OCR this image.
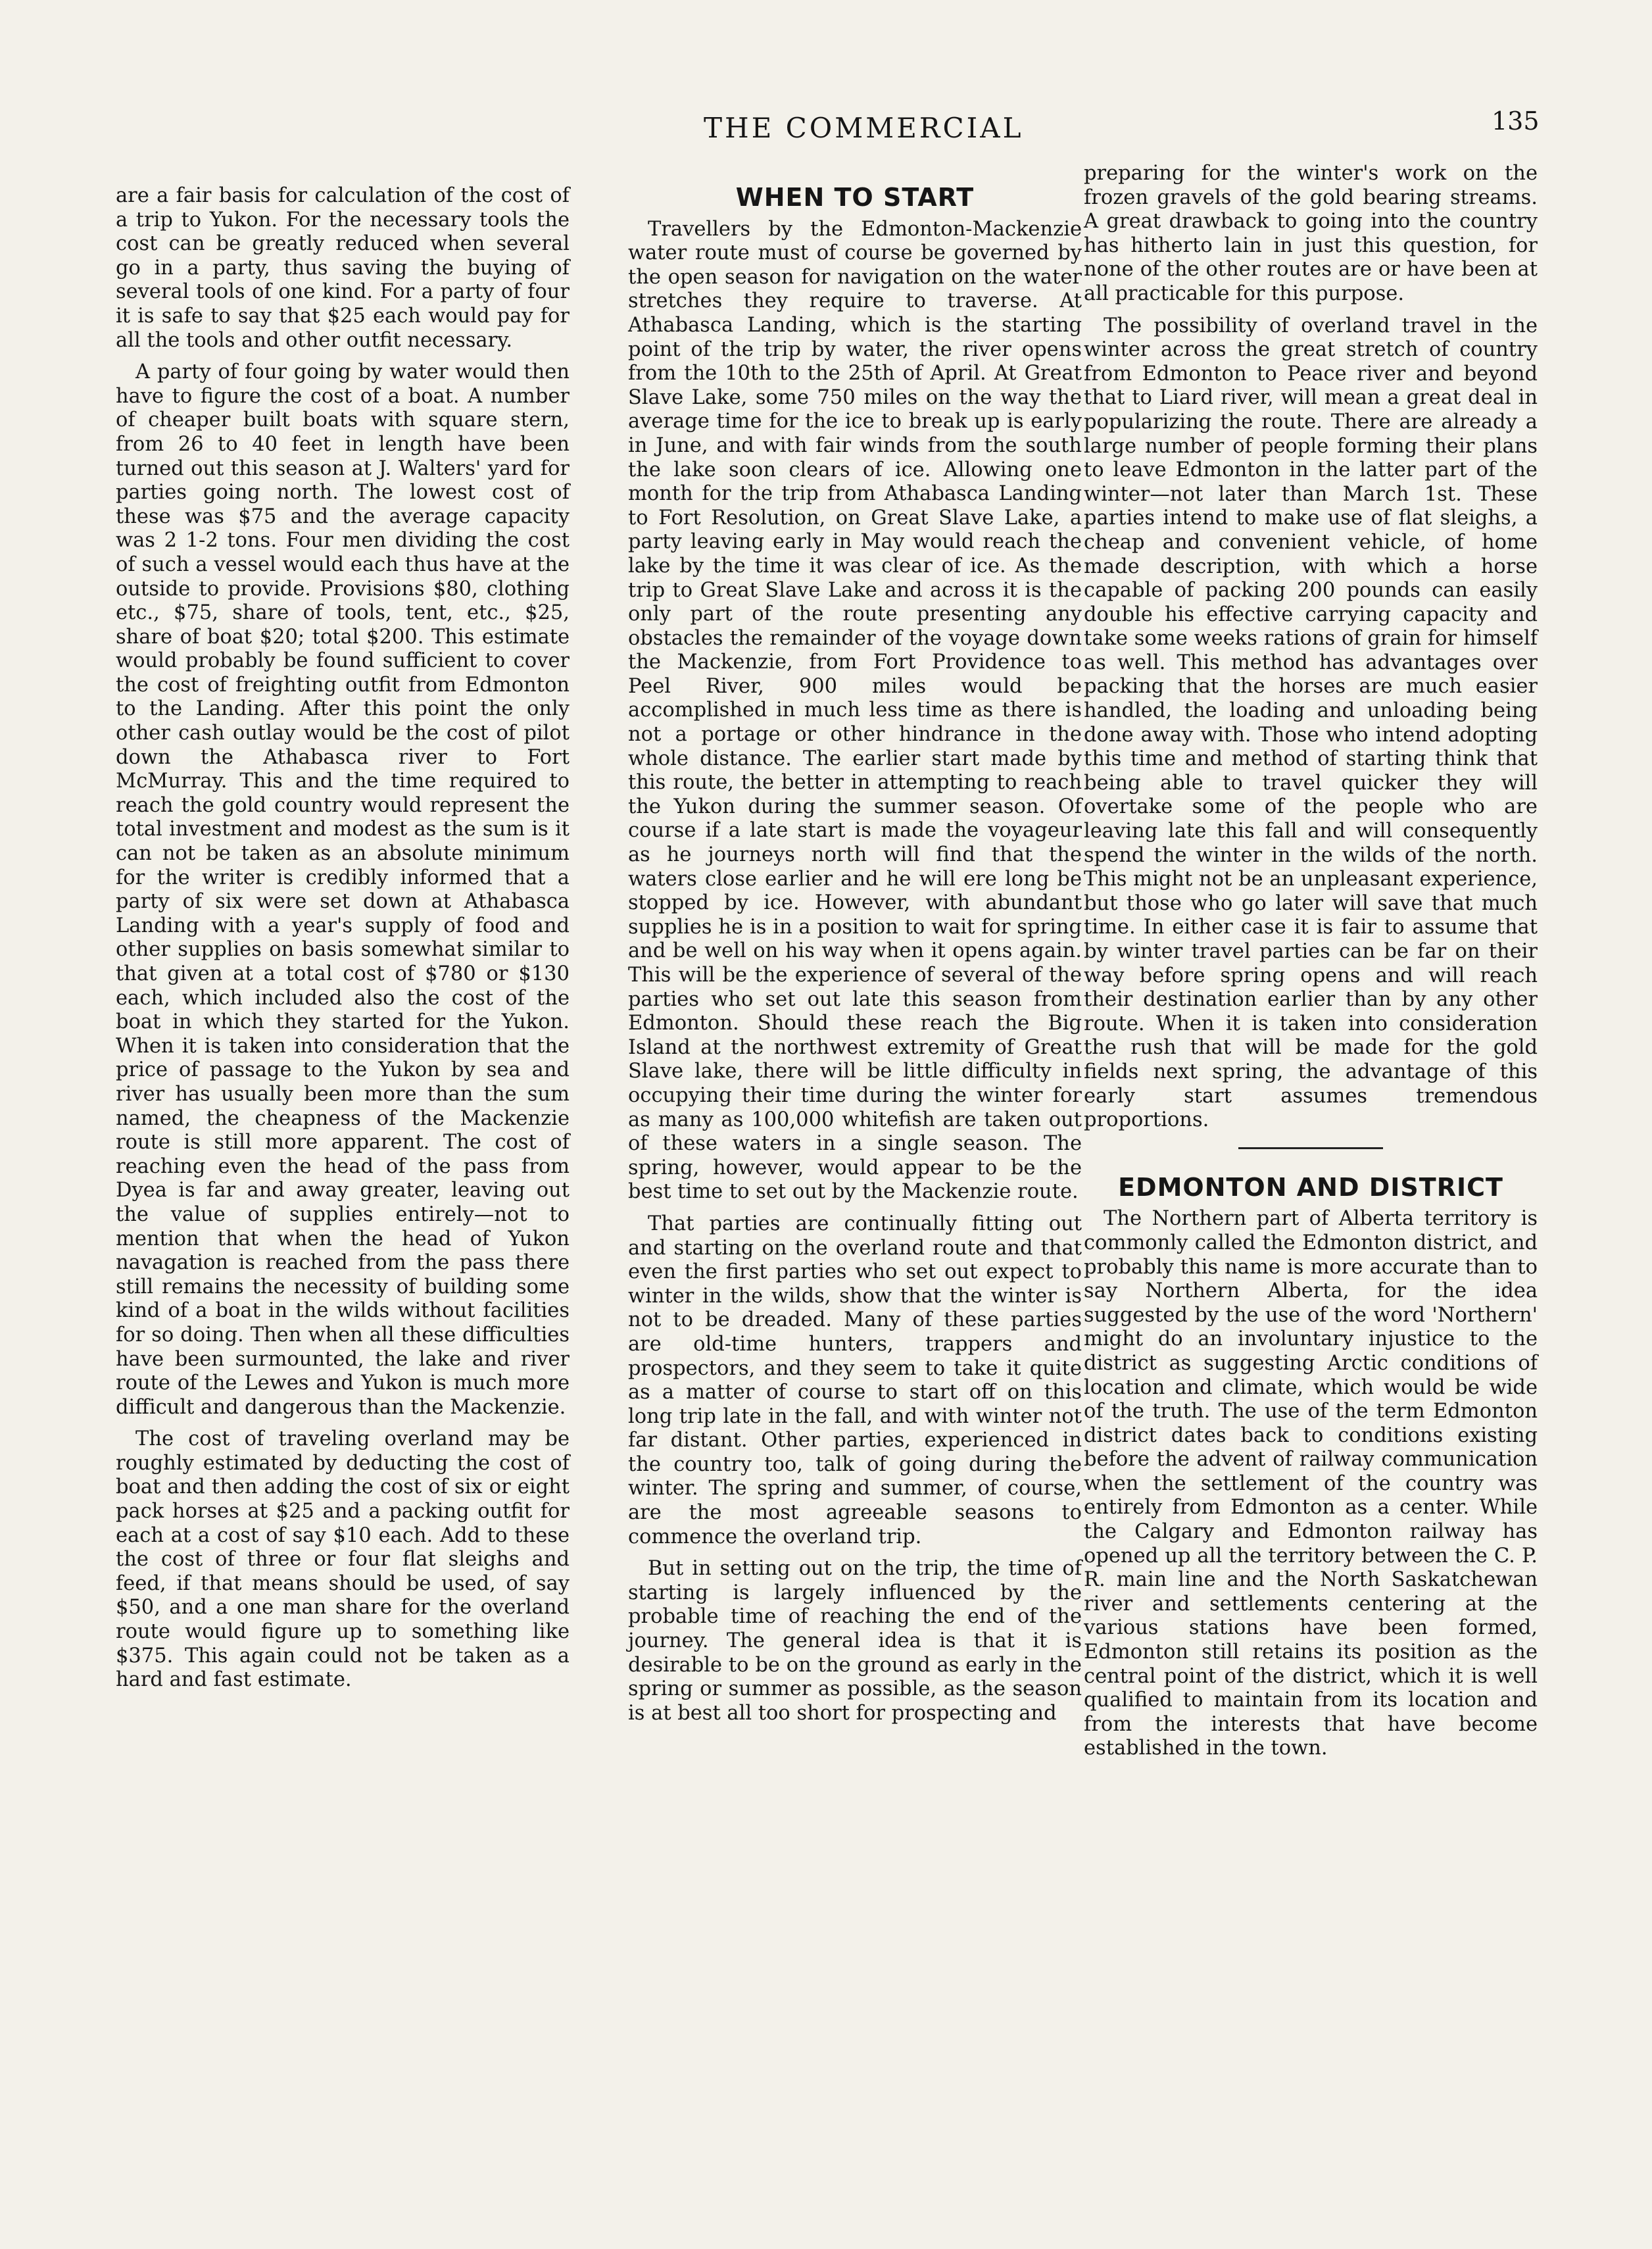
THE COMMERCIAL	135

are a fair basis for calculation of the cost of a trip to Yukon. For the necessary tools the cost can be greatly reduced when several go in a party, thus saving the buying of several tools of one kind. For a party of four it is safe to say that $25 each would pay for all the tools and other outfit necessary.

A party of four going by water would then have to figure the cost of a boat. A number of cheaper built boats with square stern, from 26 to 40 feet in length have been turned out this season at J. Walters' yard for parties going north. The lowest cost of these was $75 and the average capacity was 2 1-2 tons. Four men dividing the cost of such a vessel would each thus have at the outside to provide. Provisions $80, clothing etc., $75, share of tools, tent, etc., $25, share of boat $20; total $200. This estimate would probably be found sufficient to cover the cost of freighting outfit from Edmonton to the Landing. After this point the only other cash outlay would be the cost of pilot down the Athabasca river to Fort McMurray. This and the time required to reach the gold country would represent the total investment and modest as the sum is it can not be taken as an absolute minimum for the writer is credibly informed that a party of six were set down at Athabasca Landing with a year's supply of food and other supplies on basis somewhat similar to that given at a total cost of $780 or $130 each, which included also the cost of the boat in which they started for the Yukon. When it is taken into consideration that the price of passage to the Yukon by sea and river has usually been more than the sum named, the cheapness of the Mackenzie route is still more apparent. The cost of reaching even the head of the pass from Dyea is far and away greater, leaving out the value of supplies entirely—not to mention that when the head of Yukon navagation is reached from the pass there still remains the necessity of building some kind of a boat in the wilds without facilities for so doing. Then when all these difficulties have been surmounted, the lake and river route of the Lewes and Yukon is much more difficult and dangerous than the Mackenzie.

The cost of traveling overland may be roughly estimated by deducting the cost of boat and then adding the cost of six or eight pack horses at $25 and a packing outfit for each at a cost of say $10 each. Add to these the cost of three or four flat sleighs and feed, if that means should be used, of say $50, and a one man share for the overland route would figure up to something like $375. This again could not be taken as a hard and fast estimate.

WHEN TO START

Travellers by the Edmonton-Mackenzie water route must of course be governed by the open season for navigation on the water stretches they require to traverse. At Athabasca Landing, which is the starting point of the trip by water, the river opens from the 10th to the 25th of April. At Great Slave Lake, some 750 miles on the way the average time for the ice to break up is early in June, and with fair winds from the south the lake soon clears of ice. Allowing one month for the trip from Athabasca Landing to Fort Resolution, on Great Slave Lake, a party leaving early in May would reach the lake by the time it was clear of ice. As the trip to Great Slave Lake and across it is the only part of the route presenting any obstacles the remainder of the voyage down the Mackenzie, from Fort Providence to Peel River, 900 miles would be accomplished in much less time as there is not a portage or other hindrance in the whole distance. The earlier start made by this route, the better in attempting to reach the Yukon during the summer season. Of course if a late start is made the voyageur as he journeys north will find that the waters close earlier and he will ere long be stopped by ice. However, with abundant supplies he is in a position to wait for spring and be well on his way when it opens again. This will be the experience of several of the parties who set out late this season from Edmonton. Should these reach the Big Island at the northwest extremity of Great Slave lake, there will be little difficulty in occupying their time during the winter for as many as 100,000 whitefish are taken out of these waters in a single season. The spring, however, would appear to be the best time to set out by the Mackenzie route.

That parties are continually fitting out and starting on the overland route and that even the first parties who set out expect to winter in the wilds, show that the winter is not to be dreaded. Many of these parties are old-time hunters, trappers and prospectors, and they seem to take it quite as a matter of course to start off on this long trip late in the fall, and with winter not far distant. Other parties, experienced in the country too, talk of going during the winter. The spring and summer, of course, are the most agreeable seasons to commence the overland trip.

But in setting out on the trip, the time of starting is largely influenced by the probable time of reaching the end of the journey. The general idea is that it is desirable to be on the ground as early in the spring or summer as possible, as the season is at best all too short for prospecting and

preparing for the winter's work on the frozen gravels of the gold bearing streams. A great drawback to going into the country has hitherto lain in just this question, for none of the other routes are or have been at all practicable for this purpose.

The possibility of overland travel in the winter across the great stretch of country from Edmonton to Peace river and beyond that to Liard river, will mean a great deal in popularizing the route. There are already a large number of people forming their plans to leave Edmonton in the latter part of the winter—not later than March 1st. These parties intend to make use of flat sleighs, a cheap and convenient vehicle, of home made description, with which a horse capable of packing 200 pounds can easily double his effective carrying capacity and take some weeks rations of grain for himself as well. This method has advantages over packing that the horses are much easier handled, the loading and unloading being done away with. Those who intend adopting this time and method of starting think that being able to travel quicker they will overtake some of the people who are leaving late this fall and will consequently spend the winter in the wilds of the north. This might not be an unpleasant experience, but those who go later will save that much time. In either case it is fair to assume that by winter travel parties can be far on their way before spring opens and will reach their destination earlier than by any other route. When it is taken into consideration the rush that will be made for the gold fields next spring, the advantage of this early start assumes tremendous proportions.

EDMONTON AND DISTRICT

The Northern part of Alberta territory is commonly called the Edmonton district, and probably this name is more accurate than to say Northern Alberta, for the idea suggested by the use of the word 'Northern' might do an involuntary injustice to the district as suggesting Arctic conditions of location and climate, which would be wide of the truth. The use of the term Edmonton district dates back to conditions existing before the advent of railway communication when the settlement of the country was entirely from Edmonton as a center. While the Calgary and Edmonton railway has opened up all the territory between the C. P. R. main line and the North Saskatchewan river and settlements centering at the various stations have been formed, Edmonton still retains its position as the central point of the district, which it is well qualified to maintain from its location and from the interests that have become established in the town.
